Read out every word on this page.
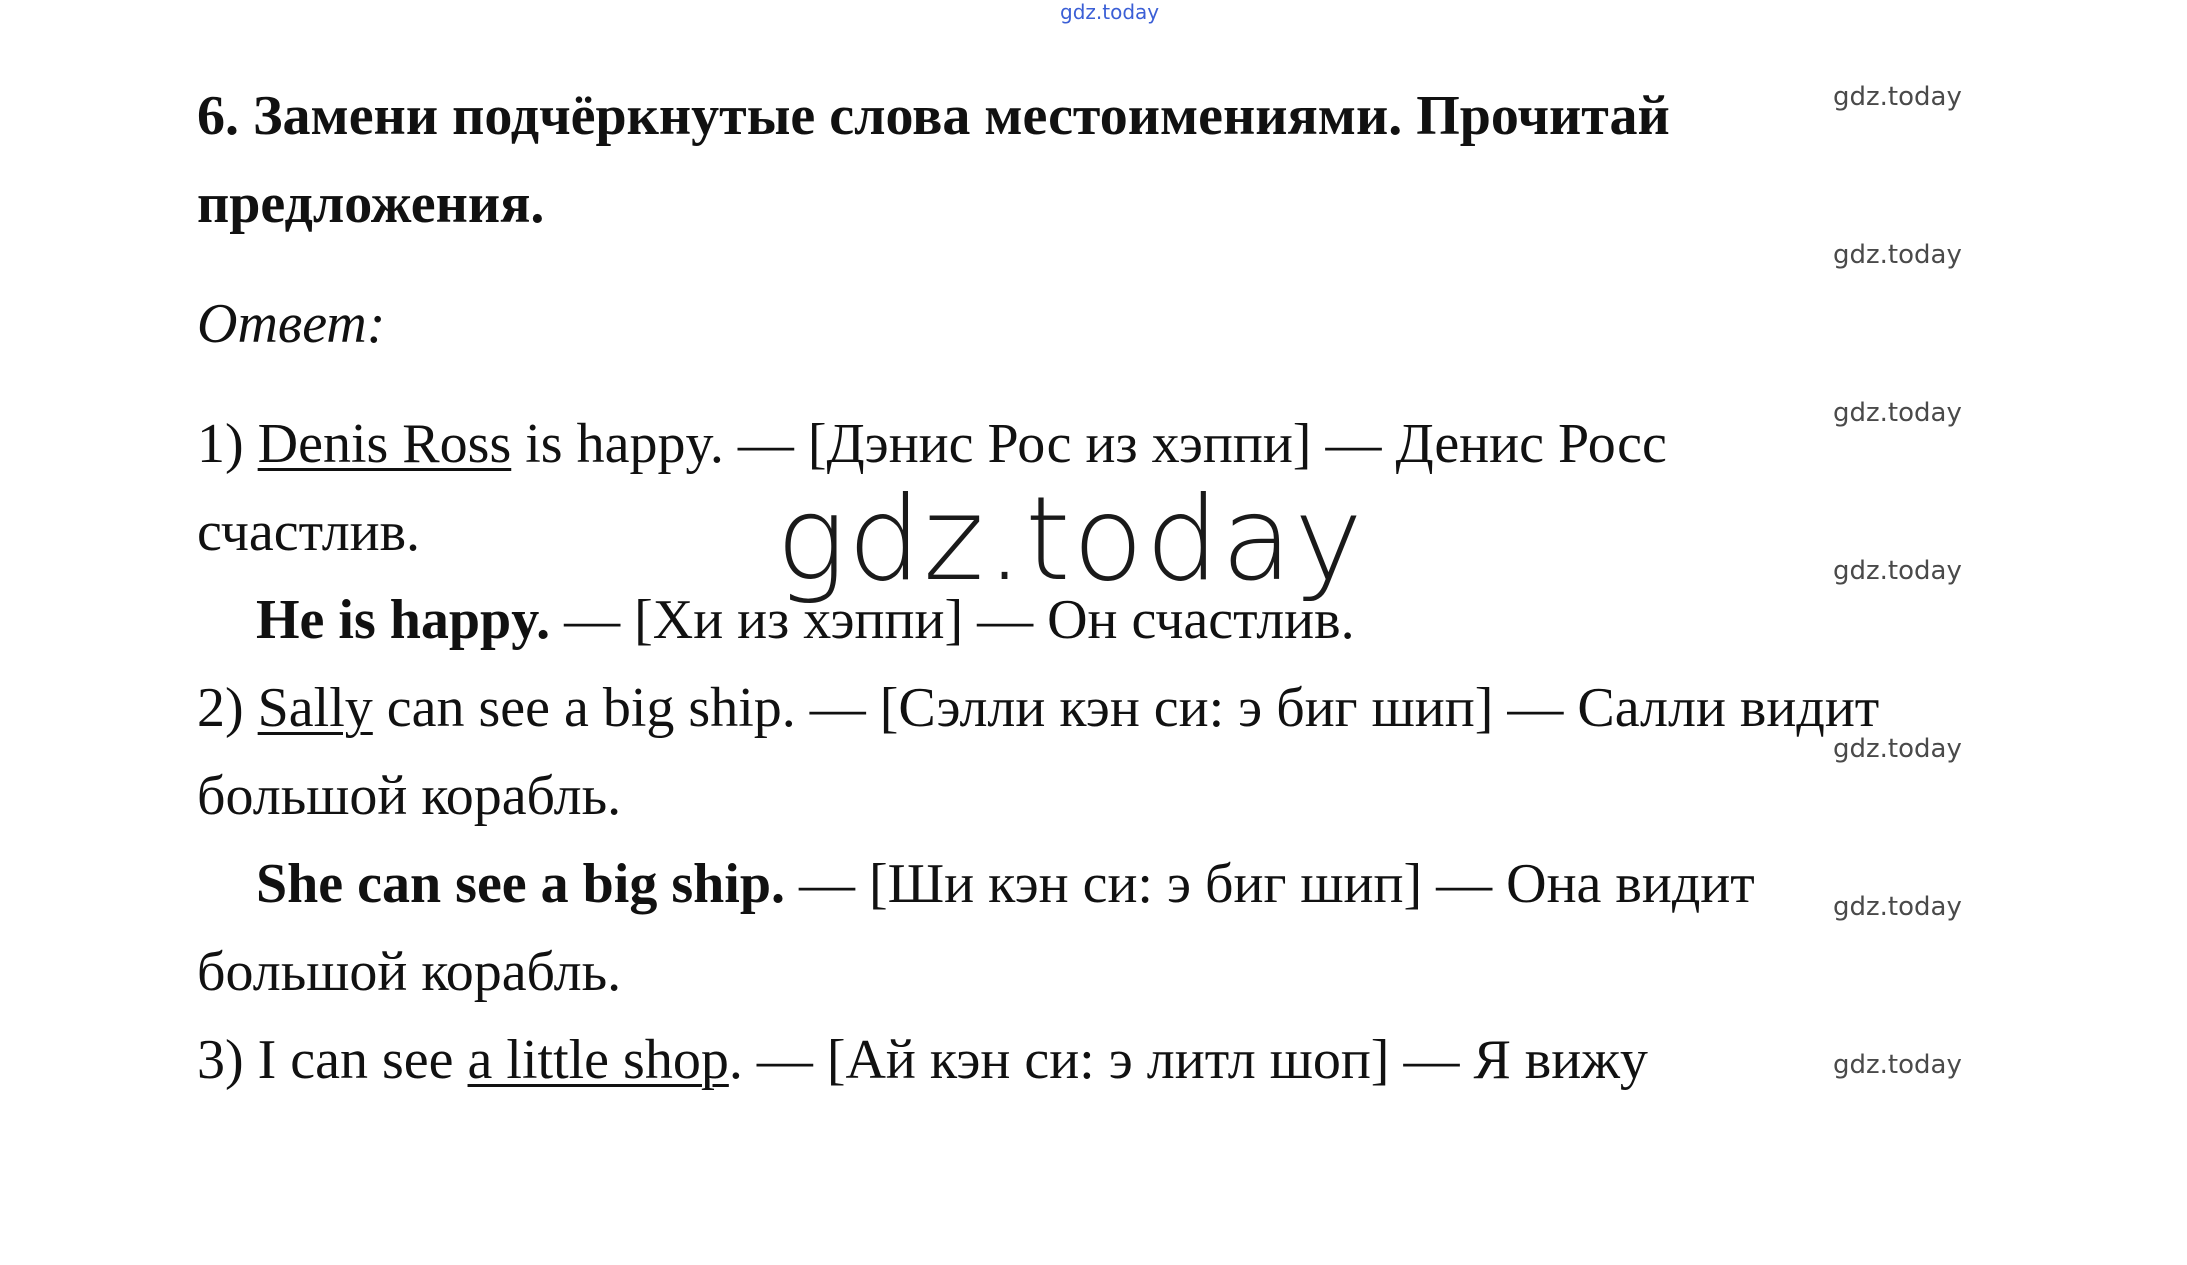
gdz.today
6. Замени подчёркнутые слова местоимениями. Прочитай
предложения.
Ответ:
1) Denis Ross is happy. — [Дэнис Рос из хэппи] — Денис Росс
счастлив.
He is happy. — [Хи из хэппи] — Он счастлив.
2) Sally can see a big ship. — [Сэлли кэн си: э биг шип] — Салли видит
большой корабль.
She can see a big ship. — [Ши кэн си: э биг шип] — Она видит
большой корабль.
3) I can see a little shop. — [Ай кэн си: э литл шоп] — Я вижу
gdz.today
gdz.today
gdz.today
gdz.today
gdz.today
gdz.today
gdz.today
gdz.today
